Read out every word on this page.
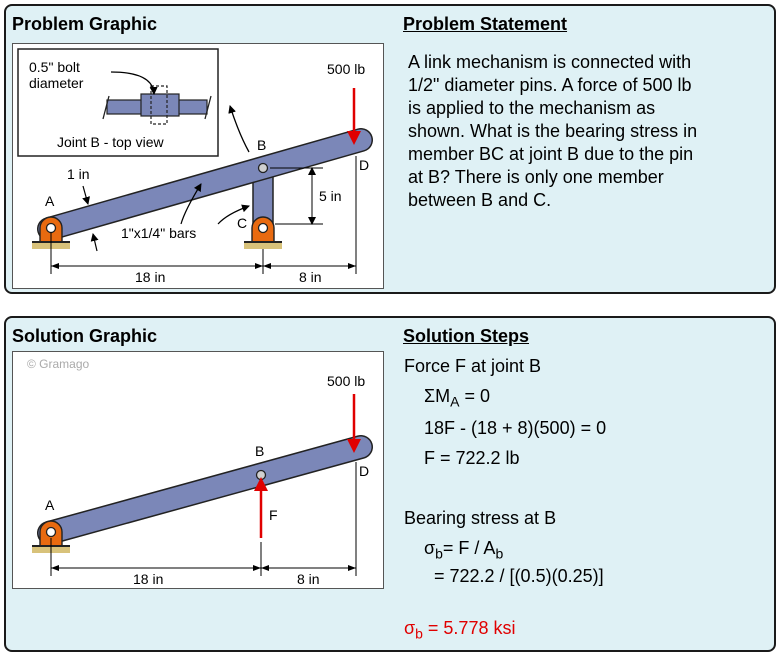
Problem Graphic	Problem Statement
0.5" bolt
diameter
Joint B - top view
500 lb
A
B
C
D
1 in
1"x1/4" bars
5 in
18 in	8 in
A link mechanism is connected with
1/2" diameter pins. A force of 500 lb
is applied to the mechanism as
shown. What is the bearing stress in
member BC at joint B due to the pin
at B? There is only one member
between B and C.
Solution Graphic	Solution Steps
© Gramago
F
500 lb
A
B
D
18 in	8 in
Force F at joint B
$\Sigma M_A = 0$
18F - (18 + 8)(500) = 0
F = 722.2 lb
Bearing stress at B
$\sigma_b= F / A_b$
= 722.2 / [(0.5)(0.25)]
$\sigma_b = 5.778$ ksi
